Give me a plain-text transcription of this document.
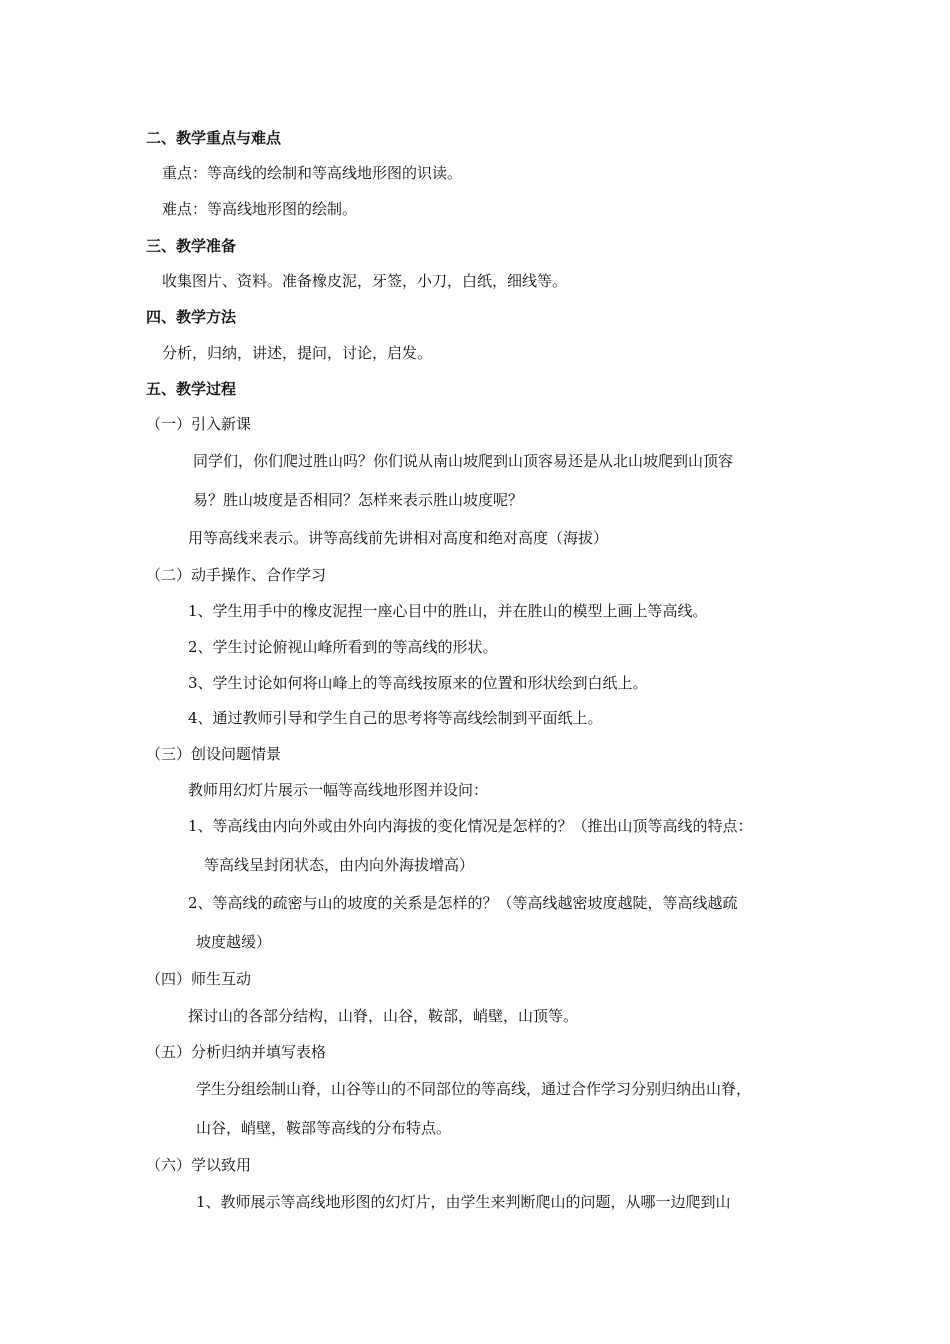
二、教学重点与难点
重点：等高线的绘制和等高线地形图的识读。
难点：等高线地形图的绘制。
三、教学准备
收集图片、资料。准备橡皮泥，牙签，小刀，白纸，细线等。
四、教学方法
分析，归纳，讲述，提问，讨论，启发。
五、教学过程
（一）引入新课
同学们，你们爬过胜山吗？你们说从南山坡爬到山顶容易还是从北山坡爬到山顶容
易？胜山坡度是否相同？怎样来表示胜山坡度呢？
用等高线来表示。讲等高线前先讲相对高度和绝对高度（海拔）
（二）动手操作、合作学习
1、学生用手中的橡皮泥捏一座心目中的胜山，并在胜山的模型上画上等高线。
2、学生讨论俯视山峰所看到的等高线的形状。
3、学生讨论如何将山峰上的等高线按原来的位置和形状绘到白纸上。
4、通过教师引导和学生自己的思考将等高线绘制到平面纸上。
（三）创设问题情景
教师用幻灯片展示一幅等高线地形图并设问：
1、等高线由内向外或由外向内海拔的变化情况是怎样的？（推出山顶等高线的特点：
等高线呈封闭状态，由内向外海拔增高）
2、等高线的疏密与山的坡度的关系是怎样的？（等高线越密坡度越陡，等高线越疏
坡度越缓）
（四）师生互动
探讨山的各部分结构，山脊，山谷，鞍部，峭壁，山顶等。
（五）分析归纳并填写表格
学生分组绘制山脊，山谷等山的不同部位的等高线，通过合作学习分别归纳出山脊，
山谷，峭壁，鞍部等高线的分布特点。
（六）学以致用
1、教师展示等高线地形图的幻灯片，由学生来判断爬山的问题，从哪一边爬到山
